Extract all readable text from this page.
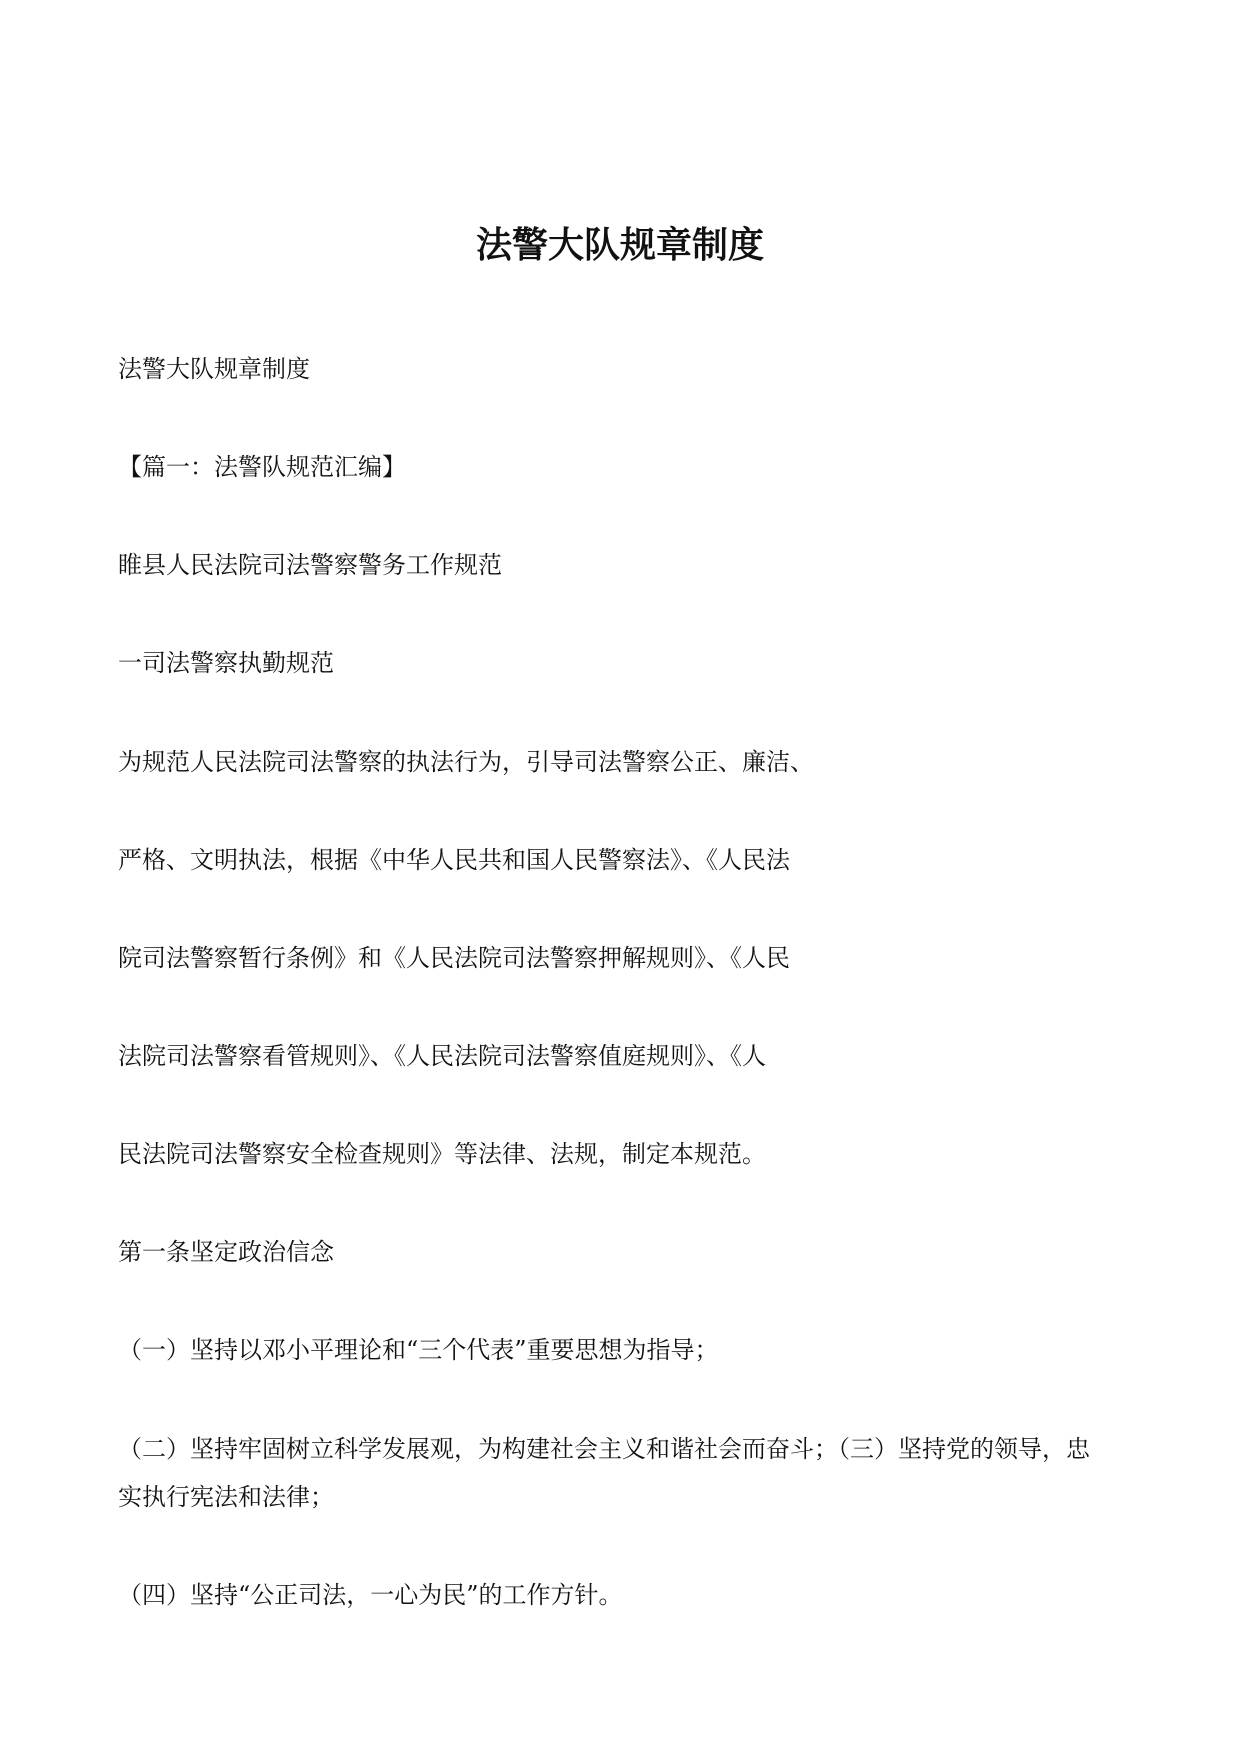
法警大队规章制度
法警大队规章制度
【篇一：法警队规范汇编】
睢县人民法院司法警察警务工作规范
一司法警察执勤规范
为规范人民法院司法警察的执法行为，引导司法警察公正、廉洁、
严格、文明执法，根据《中华人民共和国人民警察法》、《人民法
院司法警察暂行条例》和《人民法院司法警察押解规则》、《人民
法院司法警察看管规则》、《人民法院司法警察值庭规则》、《人
民法院司法警察安全检查规则》等法律、法规，制定本规范。
第一条坚定政治信念
（一）坚持以邓小平理论和“三个代表”重要思想为指导；
（二）坚持牢固树立科学发展观，为构建社会主义和谐社会而奋斗；（三）坚持党的领导，忠
实执行宪法和法律；
（四）坚持“公正司法，一心为民”的工作方针。
